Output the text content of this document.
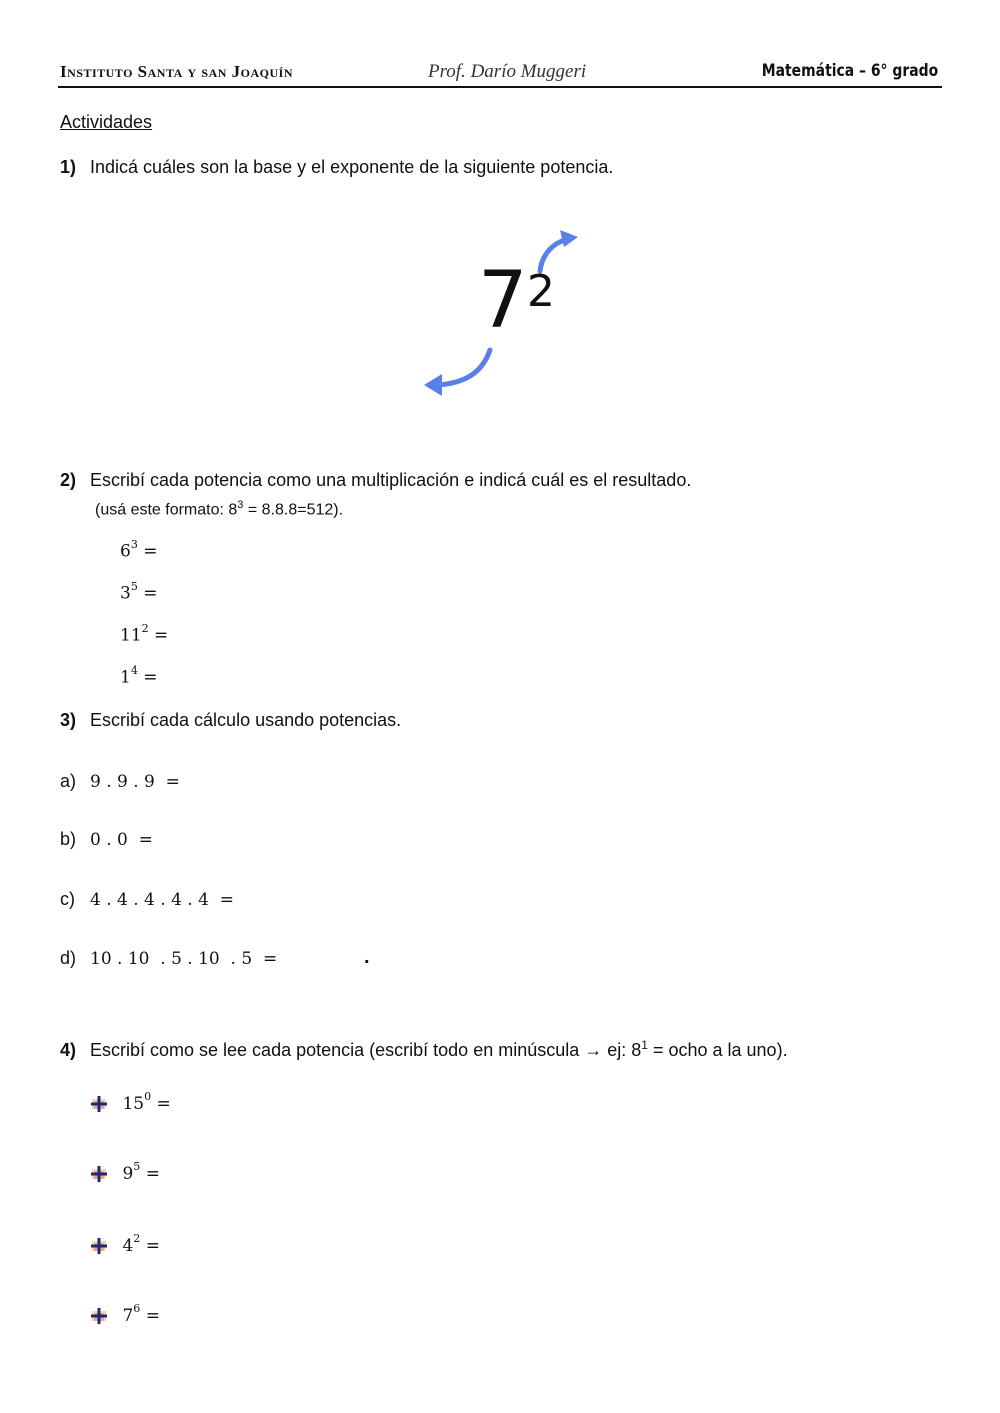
Instituto Santa y san Joaquín	Prof. Darío Muggeri	Matemática – 6° grado
Actividades
1) Indicá cuáles son la base y el exponente de la siguiente potencia.
7 2
2) Escribí cada potencia como una multiplicación e indicá cuál es el resultado.
(usá este formato: $8^3 = 8.8.8=512$).
$6^3$ =
$3^5$ =
$11^2$ =
$1^4$ =
3) Escribí cada cálculo usando potencias.
a) 9 . 9 . 9  =
b) 0 . 0  =
c) 4 . 4 . 4 . 4 . 4  =
d) 10 . 10  . 5 . 10  . 5  =	.
4) Escribí como se lee cada potencia (escribí todo en minúscula → ej: $8^1$ = ocho a la uno).
$15^0$ =
$9^5$ =
$4^2$ =
$7^6$ =
